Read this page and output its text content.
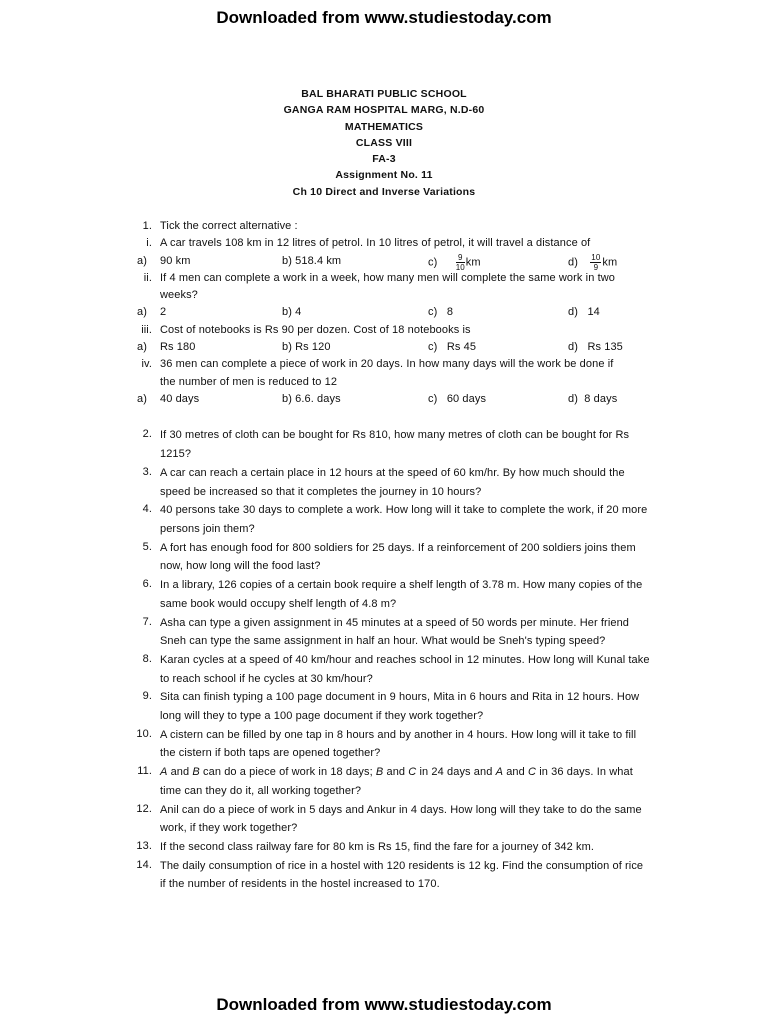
Downloaded from www.studiestoday.com
BAL BHARATI PUBLIC SCHOOL
GANGA RAM HOSPITAL MARG, N.D-60
MATHEMATICS
CLASS VIII
FA-3
Assignment No. 11
Ch 10 Direct and Inverse Variations
1. Tick the correct alternative :
i. A car travels 108 km in 12 litres of petrol. In 10 litres of petrol, it will travel a distance of
a)	90 km	b) 518.4 km	$c) \frac{9}{10}$ km	$d) \frac{10}{9}$ km
ii. If 4 men can complete a work in a week, how many men will complete the same work in two
weeks?
a)	2	b) 4	c)   8	d)   14
iii. Cost of notebooks is Rs 90 per dozen. Cost of 18 notebooks is
a)	Rs 180	b) Rs 120	c)   Rs 45	d)   Rs 135
iv. 36 men can complete a piece of work in 20 days. In how many days will the work be done if
the number of men is reduced to 12
a)	40 days	b) 6.6. days	c)   60 days	d)  8 days
2. If 30 metres of cloth can be bought for Rs 810, how many metres of cloth can be bought for Rs 1215?
3. A car can reach a certain place in 12 hours at the speed of 60 km/hr. By how much should the speed be increased so that it completes the journey in 10 hours?
4. 40 persons take 30 days to complete a work. How long will it take to complete the work, if 20 more persons join them?
5. A fort has enough food for 800 soldiers for 25 days. If a reinforcement of 200 soldiers joins them now, how long will the food last?
6. In a library, 126 copies of a certain book require a shelf length of 3.78 m. How many copies of the same book would occupy shelf length of 4.8 m?
7. Asha can type a given assignment in 45 minutes at a speed of 50 words per minute. Her friend Sneh can type the same assignment in half an hour. What would be Sneh's typing speed?
8. Karan cycles at a speed of 40 km/hour and reaches school in 12 minutes. How long will Kunal take to reach school if he cycles at 30 km/hour?
9. Sita can finish typing a 100 page document in 9 hours, Mita in 6 hours and Rita in 12 hours. How long will they to type a 100 page document if they work together?
10. A cistern can be filled by one tap in 8 hours and by another in 4 hours. How long will it take to fill the cistern if both taps are opened together?
11. A and B can do a piece of work in 18 days; B and C in 24 days and A and C in 36 days. In what time can they do it, all working together?
12. Anil can do a piece of work in 5 days and Ankur in 4 days. How long will they take to do the same work, if they work together?
13. If the second class railway fare for 80 km is Rs 15, find the fare for a journey of 342 km.
14. The daily consumption of rice in a hostel with 120 residents is 12 kg. Find the consumption of rice if the number of residents in the hostel increased to 170.
Downloaded from www.studiestoday.com
